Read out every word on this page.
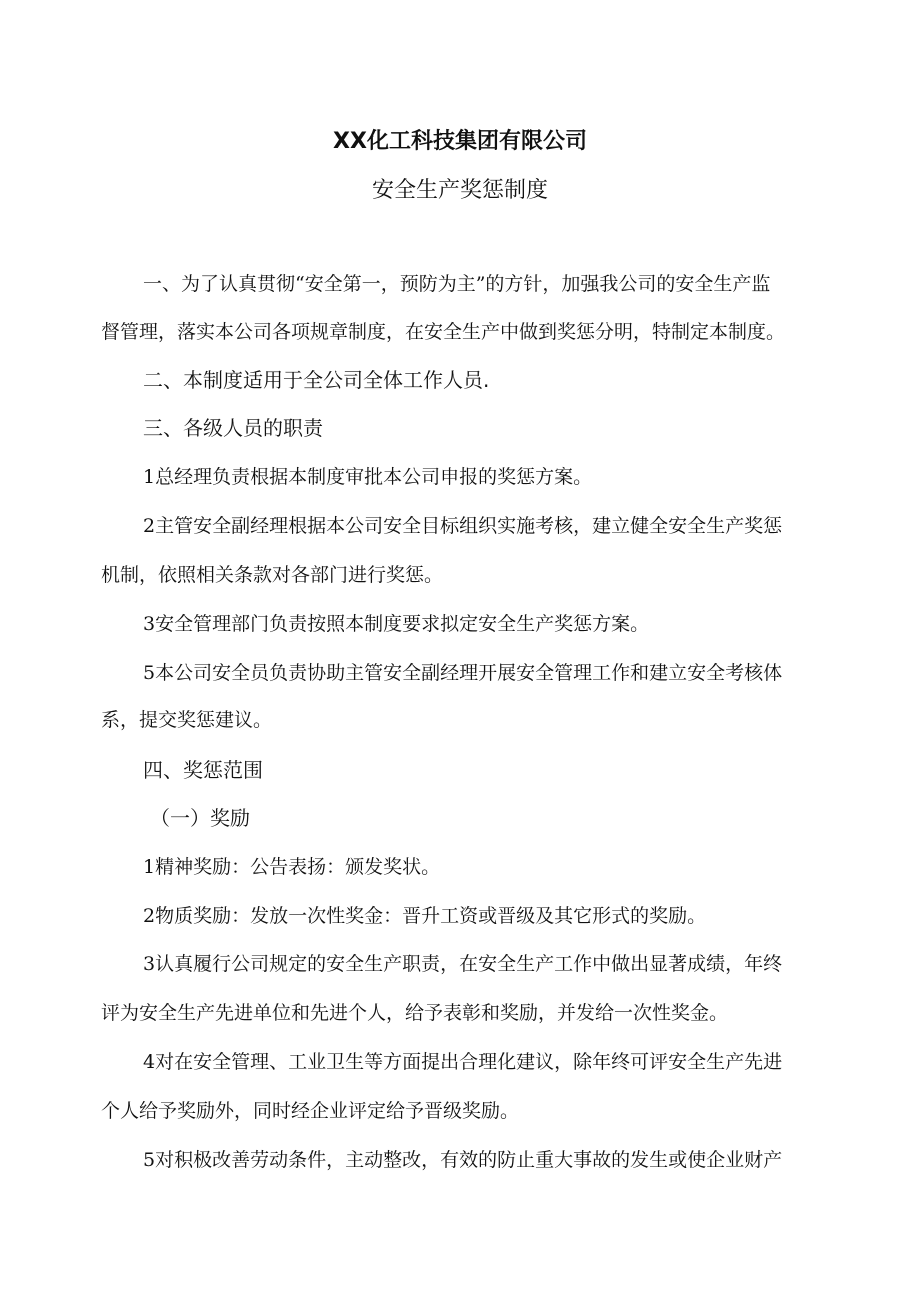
XX化工科技集团有限公司
安全生产奖惩制度
一、为了认真贯彻“安全第一，预防为主”的方针，加强我公司的安全生产监
督管理，落实本公司各项规章制度，在安全生产中做到奖惩分明，特制定本制度。
二、本制度适用于全公司全体工作人员.
三、各级人员的职责
1总经理负责根据本制度审批本公司申报的奖惩方案。
2主管安全副经理根据本公司安全目标组织实施考核，建立健全安全生产奖惩
机制，依照相关条款对各部门进行奖惩。
3安全管理部门负责按照本制度要求拟定安全生产奖惩方案。
5本公司安全员负责协助主管安全副经理开展安全管理工作和建立安全考核体
系，提交奖惩建议。
四、奖惩范围
（一）奖励
1精神奖励：公告表扬：颁发奖状。
2物质奖励：发放一次性奖金：晋升工资或晋级及其它形式的奖励。
3认真履行公司规定的安全生产职责，在安全生产工作中做出显著成绩，年终
评为安全生产先进单位和先进个人，给予表彰和奖励，并发给一次性奖金。
4对在安全管理、工业卫生等方面提出合理化建议，除年终可评安全生产先进
个人给予奖励外，同时经企业评定给予晋级奖励。
5对积极改善劳动条件，主动整改，有效的防止重大事故的发生或使企业财产
